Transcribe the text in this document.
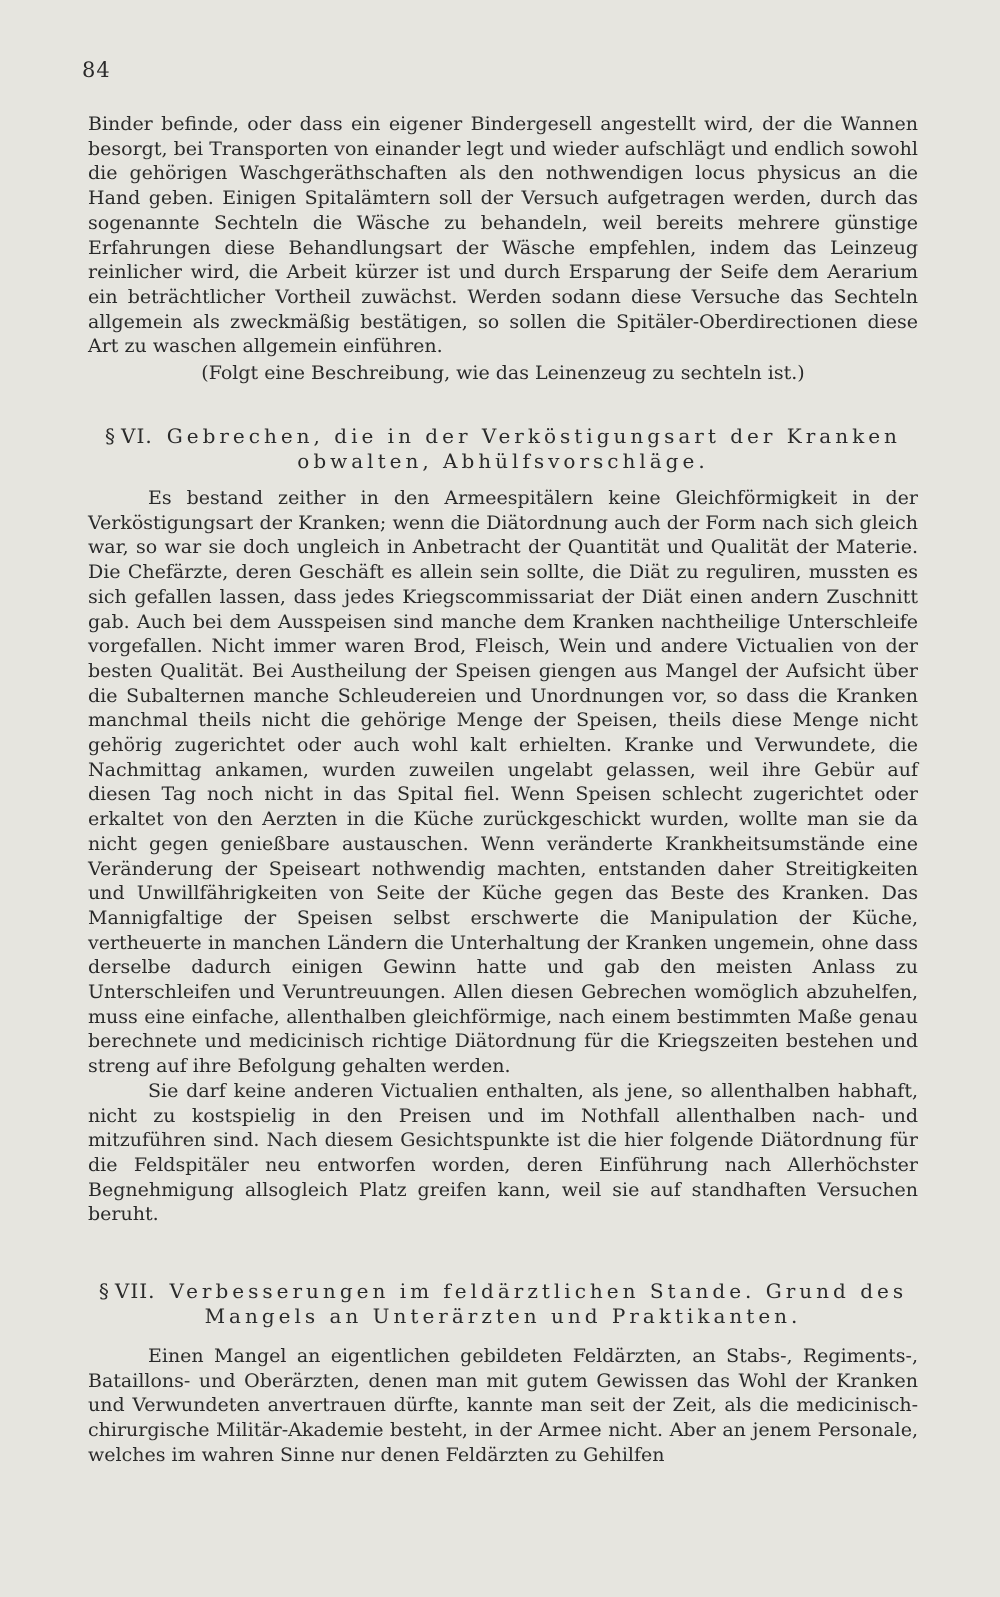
84

Binder befinde, oder dass ein eigener Bindergesell angestellt wird, der die Wannen besorgt, bei Transporten von einander legt und wieder aufschlägt und endlich sowohl die gehörigen Waschgeräthschaften als den nothwendigen locus physicus an die Hand geben. Einigen Spitalämtern soll der Versuch aufgetragen werden, durch das sogenannte Sechteln die Wäsche zu behandeln, weil bereits mehrere günstige Erfahrungen diese Behandlungsart der Wäsche empfehlen, indem das Leinzeug reinlicher wird, die Arbeit kürzer ist und durch Ersparung der Seife dem Aerarium ein beträchtlicher Vortheil zuwächst. Werden sodann diese Versuche das Sechteln allgemein als zweckmäßig bestätigen, so sollen die Spitäler-Oberdirectionen diese Art zu waschen allgemein einführen.

(Folgt eine Beschreibung, wie das Leinenzeug zu sechteln ist.)

§ VI. Gebrechen, die in der Verköstigungsart der Kranken
obwalten, Abhülfsvorschläge.

Es bestand zeither in den Armeespitälern keine Gleichförmigkeit in der Verköstigungsart der Kranken; wenn die Diätordnung auch der Form nach sich gleich war, so war sie doch ungleich in Anbetracht der Quantität und Qualität der Materie. Die Chefärzte, deren Geschäft es allein sein sollte, die Diät zu reguliren, mussten es sich gefallen lassen, dass jedes Kriegscommissariat der Diät einen andern Zuschnitt gab. Auch bei dem Ausspeisen sind manche dem Kranken nachtheilige Unterschleife vorgefallen. Nicht immer waren Brod, Fleisch, Wein und andere Victualien von der besten Qualität. Bei Austheilung der Speisen giengen aus Mangel der Aufsicht über die Subalternen manche Schleudereien und Unordnungen vor, so dass die Kranken manchmal theils nicht die gehörige Menge der Speisen, theils diese Menge nicht gehörig zugerichtet oder auch wohl kalt erhielten. Kranke und Verwundete, die Nachmittag ankamen, wurden zuweilen ungelabt gelassen, weil ihre Gebür auf diesen Tag noch nicht in das Spital fiel. Wenn Speisen schlecht zugerichtet oder erkaltet von den Aerzten in die Küche zurückgeschickt wurden, wollte man sie da nicht gegen genießbare austauschen. Wenn veränderte Krankheitsumstände eine Veränderung der Speiseart nothwendig machten, entstanden daher Streitigkeiten und Unwillfährigkeiten von Seite der Küche gegen das Beste des Kranken. Das Mannigfaltige der Speisen selbst erschwerte die Manipulation der Küche, vertheuerte in manchen Ländern die Unterhaltung der Kranken ungemein, ohne dass derselbe dadurch einigen Gewinn hatte und gab den meisten Anlass zu Unterschleifen und Veruntreuungen. Allen diesen Gebrechen womöglich abzuhelfen, muss eine einfache, allenthalben gleichförmige, nach einem bestimmten Maße genau berechnete und medicinisch richtige Diätordnung für die Kriegszeiten bestehen und streng auf ihre Befolgung gehalten werden.

Sie darf keine anderen Victualien enthalten, als jene, so allenthalben habhaft, nicht zu kostspielig in den Preisen und im Nothfall allenthalben nach- und mitzuführen sind. Nach diesem Gesichtspunkte ist die hier folgende Diätordnung für die Feldspitäler neu entworfen worden, deren Einführung nach Allerhöchster Begnehmigung allsogleich Platz greifen kann, weil sie auf standhaften Versuchen beruht.

§ VII. Verbesserungen im feldärztlichen Stande. Grund des
Mangels an Unterärzten und Praktikanten.

Einen Mangel an eigentlichen gebildeten Feldärzten, an Stabs-, Regiments-, Bataillons- und Oberärzten, denen man mit gutem Gewissen das Wohl der Kranken und Verwundeten anvertrauen dürfte, kannte man seit der Zeit, als die medicinisch-chirurgische Militär-Akademie besteht, in der Armee nicht. Aber an jenem Personale, welches im wahren Sinne nur denen Feldärzten zu Gehilfen
